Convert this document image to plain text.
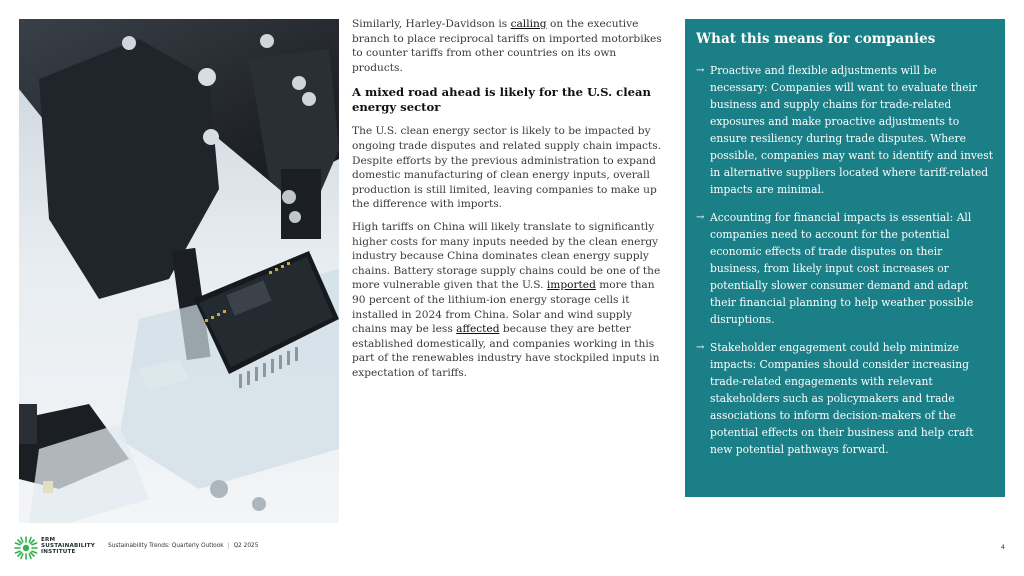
Similarly, Harley-Davidson is calling on the executive branch to place reciprocal tariffs on imported motorbikes to counter tariffs from other countries on its own products.

A mixed road ahead is likely for the U.S. clean energy sector

The U.S. clean energy sector is likely to be impacted by ongoing trade disputes and related supply chain impacts. Despite efforts by the previous administration to expand domestic manufacturing of clean energy inputs, overall production is still limited, leaving companies to make up the difference with imports.

High tariffs on China will likely translate to significantly higher costs for many inputs needed by the clean energy industry because China dominates clean energy supply chains. Battery storage supply chains could be one of the more vulnerable given that the U.S. imported more than 90 percent of the lithium-ion energy storage cells it installed in 2024 from China. Solar and wind supply chains may be less affected because they are better established domestically, and companies working in this part of the renewables industry have stockpiled inputs in expectation of tariffs.

What this means for companies
→ Proactive and flexible adjustments will be necessary: Companies will want to evaluate their business and supply chains for trade-related exposures and make proactive adjustments to ensure resiliency during trade disputes. Where possible, companies may want to identify and invest in alternative suppliers located where tariff-related impacts are minimal.
→ Accounting for financial impacts is essential: All companies need to account for the potential economic effects of trade disputes on their business, from likely input cost increases or potentially slower consumer demand and adapt their financial planning to help weather possible disruptions.
→ Stakeholder engagement could help minimize impacts: Companies should consider increasing trade-related engagements with relevant stakeholders such as policymakers and trade associations to inform decision-makers of the potential effects on their business and help craft new potential pathways forward.
ERM
SUSTAINABILITY
INSTITUTE
Sustainability Trends: Quarterly Outlook | Q2 2025	4
